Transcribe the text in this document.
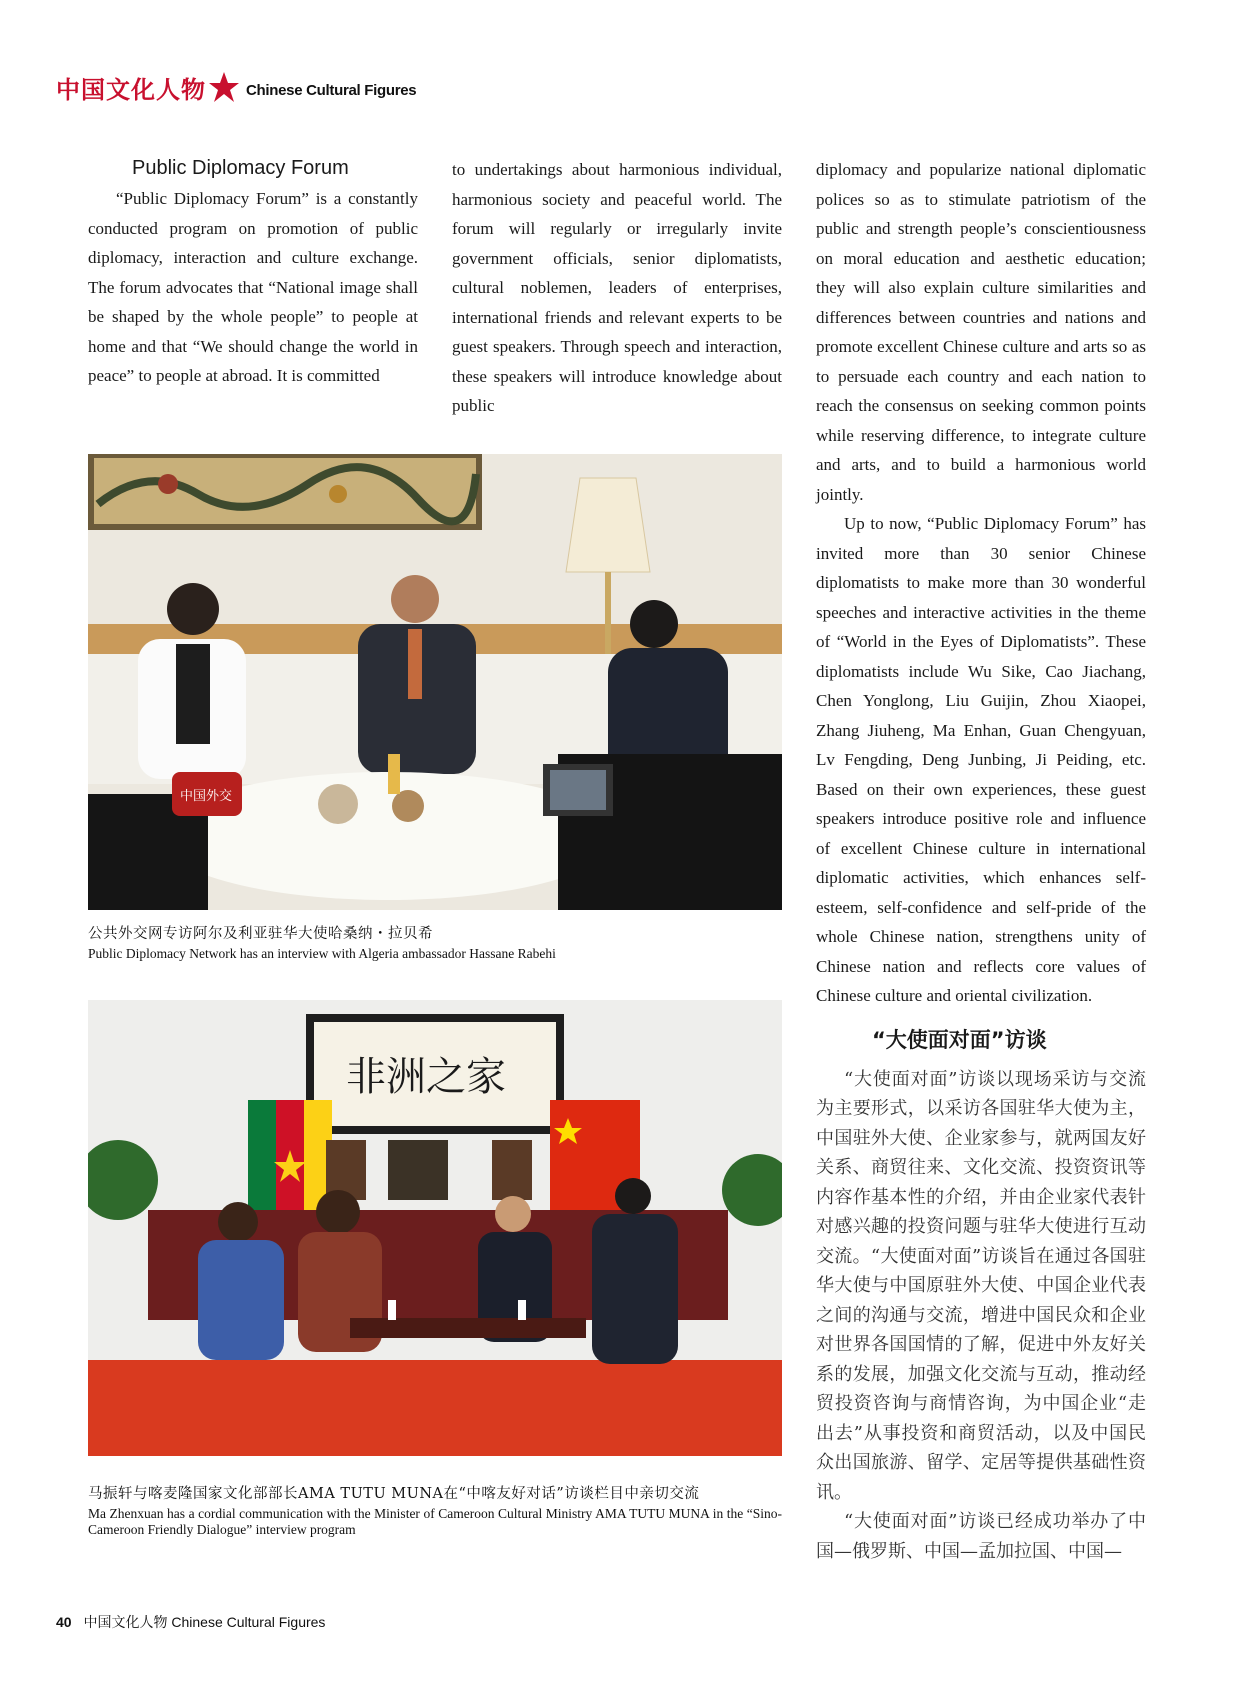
中国文化人物	Chinese Cultural Figures
Public Diplomacy Forum

“Public Diplomacy Forum” is a constantly conducted program on promotion of public diplomacy, interaction and culture exchange. The forum advocates that “National image shall be shaped by the whole people” to people at home and that “We should change the world in peace” to people at abroad. It is committed

to undertakings about harmonious individual, harmonious society and peaceful world. The forum will regularly or irregularly invite government officials, senior diplomatists, cultural noblemen, leaders of enterprises, international friends and relevant experts to be guest speakers. Through speech and interaction, these speakers will introduce knowledge about public

diplomacy and popularize national diplomatic polices so as to stimulate patriotism of the public and strength people’s conscientiousness on moral education and aesthetic education; they will also explain culture similarities and differences between countries and nations and promote excellent Chinese culture and arts so as to persuade each country and each nation to reach the consensus on seeking common points while reserving difference, to integrate culture and arts, and to build a harmonious world jointly.

Up to now, “Public Diplomacy Forum” has invited more than 30 senior Chinese diplomatists to make more than 30 wonderful speeches and interactive activities in the theme of “World in the Eyes of Diplomatists”. These diplomatists include Wu Sike, Cao Jiachang, Chen Yonglong, Liu Guijin, Zhou Xiaopei, Zhang Jiuheng, Ma Enhan, Guan Chengyuan, Lv Fengding, Deng Junbing, Ji Peiding, etc. Based on their own experiences, these guest speakers introduce positive role and influence of excellent Chinese culture in international diplomatic activities, which enhances self-esteem, self-confidence and self-pride of the whole Chinese nation, strengthens unity of Chinese nation and reflects core values of Chinese culture and oriental civilization.

“大使面对面”访谈

“大使面对面”访谈以现场采访与交流为主要形式，以采访各国驻华大使为主，中国驻外大使、企业家参与，就两国友好关系、商贸往来、文化交流、投资资讯等内容作基本性的介绍，并由企业家代表针对感兴趣的投资问题与驻华大使进行互动交流。“大使面对面”访谈旨在通过各国驻华大使与中国原驻外大使、中国企业代表之间的沟通与交流，增进中国民众和企业对世界各国国情的了解，促进中外友好关系的发展，加强文化交流与互动，推动经贸投资咨询与商情咨询，为中国企业“走出去”从事投资和商贸活动，以及中国民众出国旅游、留学、定居等提供基础性资讯。

“大使面对面”访谈已经成功举办了中国—俄罗斯、中国—孟加拉国、中国—

中国外交
公共外交网专访阿尔及利亚驻华大使哈桑纳・拉贝希
Public Diplomacy Network has an interview with Algeria ambassador Hassane Rabehi
非洲之家
马振轩与喀麦隆国家文化部部长AMA TUTU MUNA在“中喀友好对话”访谈栏目中亲切交流
Ma Zhenxuan has a cordial communication with the Minister of Cameroon Cultural Ministry AMA TUTU MUNA in the “Sino-Cameroon Friendly Dialogue” interview program
40 中国文化人物 Chinese Cultural Figures
